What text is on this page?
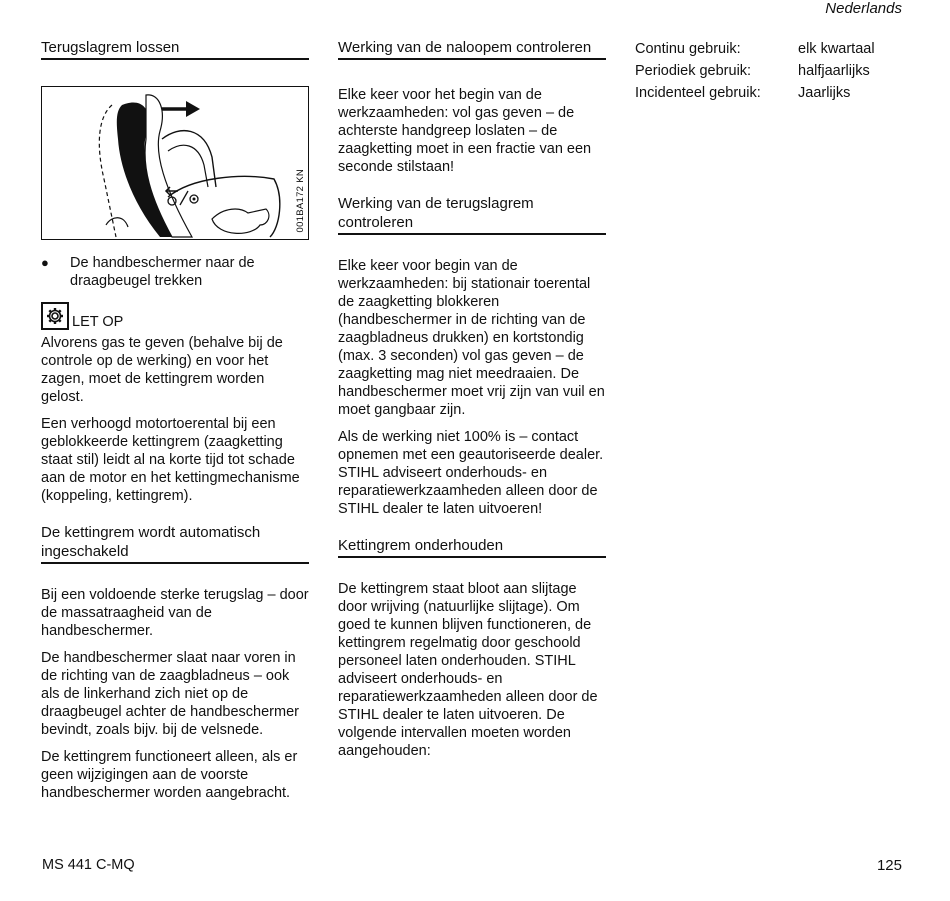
Nederlands
Terugslagrem lossen
001BA172 KN
●	De handbeschermer naar de draagbeugel trekken
LET OP

Alvorens gas te geven (behalve bij de controle op de werking) en voor het zagen, moet de kettingrem worden gelost.

Een verhoogd motortoerental bij een geblokkeerde kettingrem (zaagketting staat stil) leidt al na korte tijd tot schade aan de motor en het kettingmechanisme (koppeling, kettingrem).

De kettingrem wordt automatisch ingeschakeld

Bij een voldoende sterke terugslag – door de massatraagheid van de handbeschermer.

De handbeschermer slaat naar voren in de richting van de zaagbladneus – ook als de linkerhand zich niet op de draagbeugel achter de handbeschermer bevindt, zoals bijv. bij de velsnede.

De kettingrem functioneert alleen, als er geen wijzigingen aan de voorste handbeschermer worden aangebracht.

Werking van de naloopem controleren

Elke keer voor het begin van de werkzaamheden: vol gas geven – de achterste handgreep loslaten – de zaagketting moet in een fractie van een seconde stilstaan!

Werking van de terugslagrem controleren

Elke keer voor begin van de werkzaamheden: bij stationair toerental de zaagketting blokkeren (handbeschermer in de richting van de zaagbladneus drukken) en kortstondig (max. 3 seconden) vol gas geven – de zaagketting mag niet meedraaien. De handbeschermer moet vrij zijn van vuil en moet gangbaar zijn.

Als de werking niet 100% is – contact opnemen met een geautoriseerde dealer. STIHL adviseert onderhouds- en reparatiewerkzaamheden alleen door de STIHL dealer te laten uitvoeren!

Kettingrem onderhouden

De kettingrem staat bloot aan slijtage door wrijving (natuurlijke slijtage). Om goed te kunnen blijven functioneren, de kettingrem regelmatig door geschoold personeel laten onderhouden. STIHL adviseert onderhouds- en reparatiewerkzaamheden alleen door de STIHL dealer te laten uitvoeren. De volgende intervallen moeten worden aangehouden:

Continu gebruik:	elk kwartaal
Periodiek gebruik:	halfjaarlijks
Incidenteel gebruik:	Jaarlijks
MS 441 C-MQ	125
